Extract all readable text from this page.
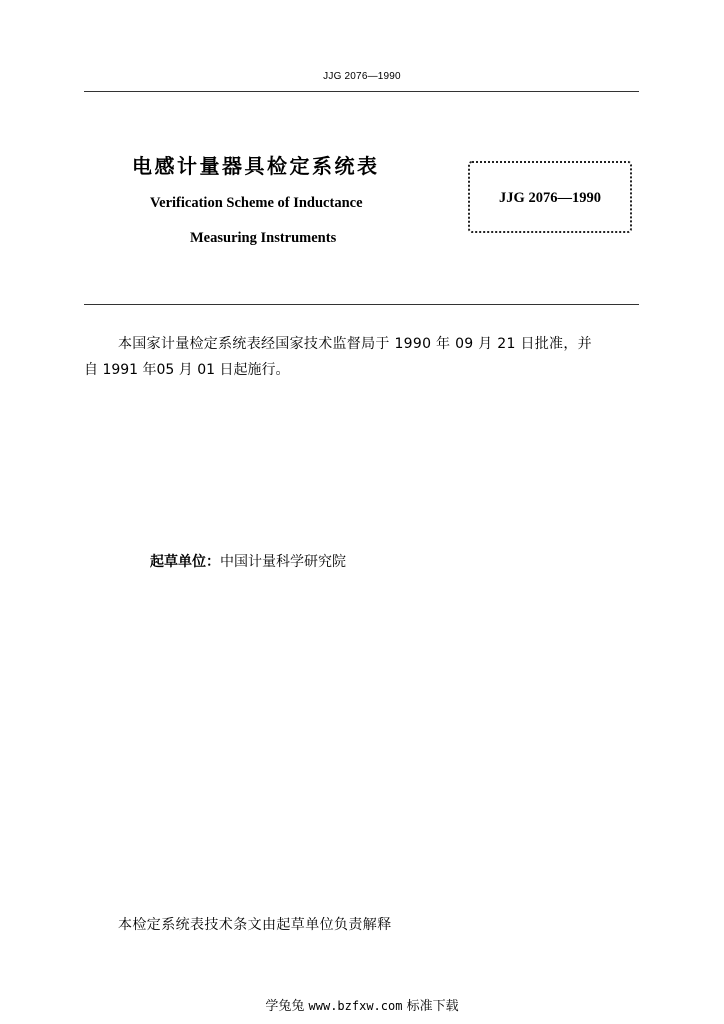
JJG 2076—1990
电感计量器具检定系统表
Verification Scheme of Inductance
Measuring Instruments
JJG 2076—1990
本国家计量检定系统表经国家技术监督局于 1990 年 09 月 21 日批准，并
自 1991 年05 月 01 日起施行。
起草单位：中国计量科学研究院
本检定系统表技术条文由起草单位负责解释
学兔兔 www.bzfxw.com 标准下载
